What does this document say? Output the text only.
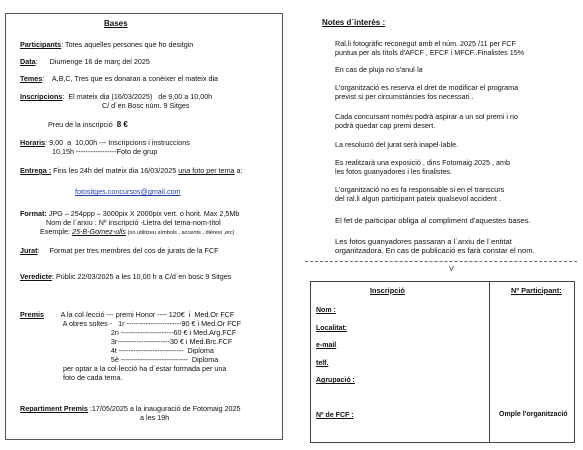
Bases
Participants: Totes aquelles persones que ho desitgin
Data:      Diumenge 16 de març del 2025
Temes:    A,B,C, Tres que es donaran a conèixer el mateix dia
Inscripcions:  El mateix dia (16/03/2025)   de 9,00 a 10,00h
C/ d´en Bosc núm. 9 Sitges
Preu de la inscripció 8 €
Horaris: 9,00  a  10,00h --- Inscripcions i instruccions
10,15h -----------------Foto de grup
Entrega : Fins les 24h del mateix dia 16/03/2025 una foto per tema a:
fotositges.concursos@gmail.com
Format: JPG – 254ppp – 3000pix X 2000pix vert. o horit. Max 2,5Mb
Nom de l´arxiu : Nº inscripció -Lletra del tema-nom-títol
Exemple: 25-B-Gomez-ulls (no utilitzeu símbols , accents , diéresi ,etc)
Jurat:     Format per tres membres del cos de jurats de la FCF
Veredicte: Públic 22/03/2025 a les 10,00 h a C/d´en bosc 9 Sitges
Premis
:         A la col·lecció --- premi Honor ---- 120€  i  Med.Or FCF
A obres soltes -   1r -----------------------90 € i Med.Or FCF
2n ----------------------60 € i Med.Arg.FCF
3r----------------------30 € i Med.Brc.FCF
4t ---------------------------  Diploma
5è ----------------------------  Diploma
per optar a la col·lecció ha d´estar formada per una
foto de cada tema.
Repartiment Premis :17/05/2025 a la inauguració de Fotomaig 2025
a les 19h
Notes d´interès :
Ral.li fotogràfic reconegut amb el núm. 2025 /11 per FCF
puntua per als títols d'AFCF , EFCF i MFCF..Finalistes 15%
En cas de pluja no s'anul·la
L'organització es reserva el dret de modificar el programa
previst si per circumstàncies fos necessari .
Cada concursant només podrà aspirar a un sol premi i no
podrà quedar cap premi desert.
La resolució del jurat serà inapel·lable.
Es realitzarà una exposició , dins Fotomaig 2025 , amb
les fotos guanyadores i les finalistes.
L'organització no es fa responsable si en el transcurs
del ral.li algun participant pateix qualsevol accident .
El fet de participar obliga al compliment d'aquestes bases.
Les fotos guanyadores passaran a l´arxiu de l´entitat
organitzadora. En cas de publicació es farà constar el nom.
V
Inscripció	Nº Participant:
Nom :
Localitat:
e-mail
telf.
Agrupació :
Nº de FCF :	Omple l'organització
